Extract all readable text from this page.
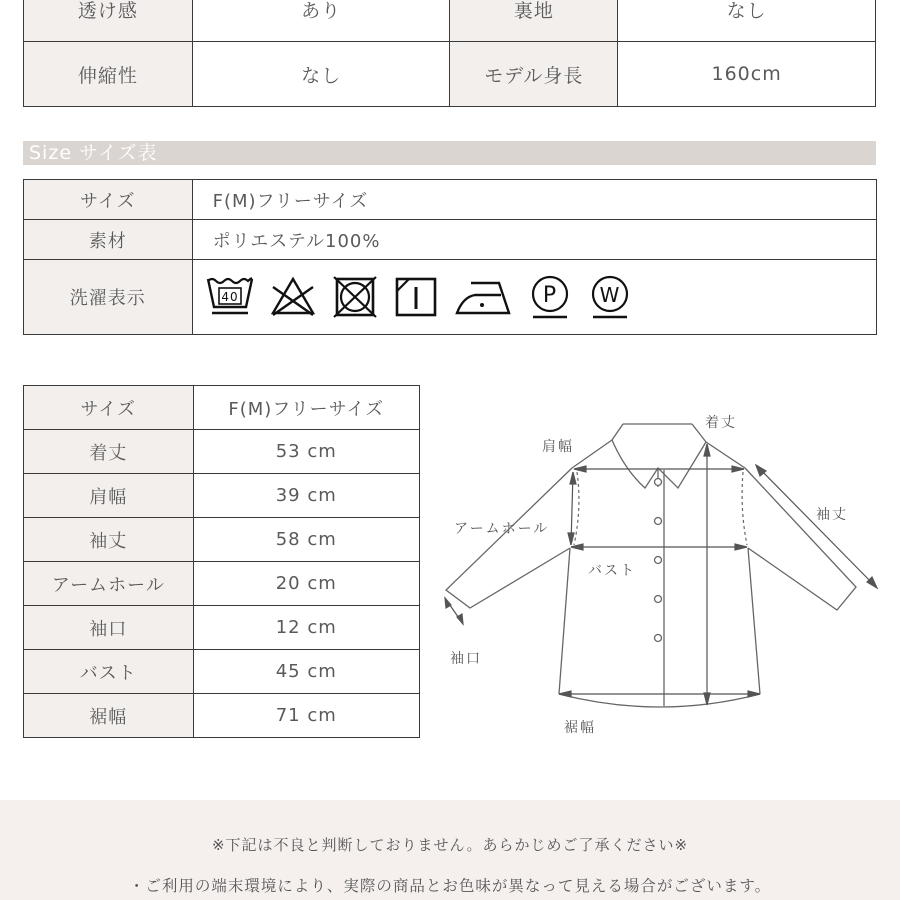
透け感	あり	裏地	なし
伸縮性	なし	モデル身長	160cm
Size サイズ表
サイズ	F(M)フリーサイズ
素材	ポリエステル100%
洗濯表示	40 P W
サイズ	F(M)フリーサイズ
着丈	53 cm
肩幅	39 cm
袖丈	58 cm
アームホール	20 cm
袖口	12 cm
バスト	45 cm
裾幅	71 cm
着丈
肩幅
袖丈
アームホール
バスト
袖口
裾幅

※下記は不良と判断しておりません。あらかじめご了承ください※

・ご利用の端末環境により、実際の商品とお色味が異なって見える場合がございます。
